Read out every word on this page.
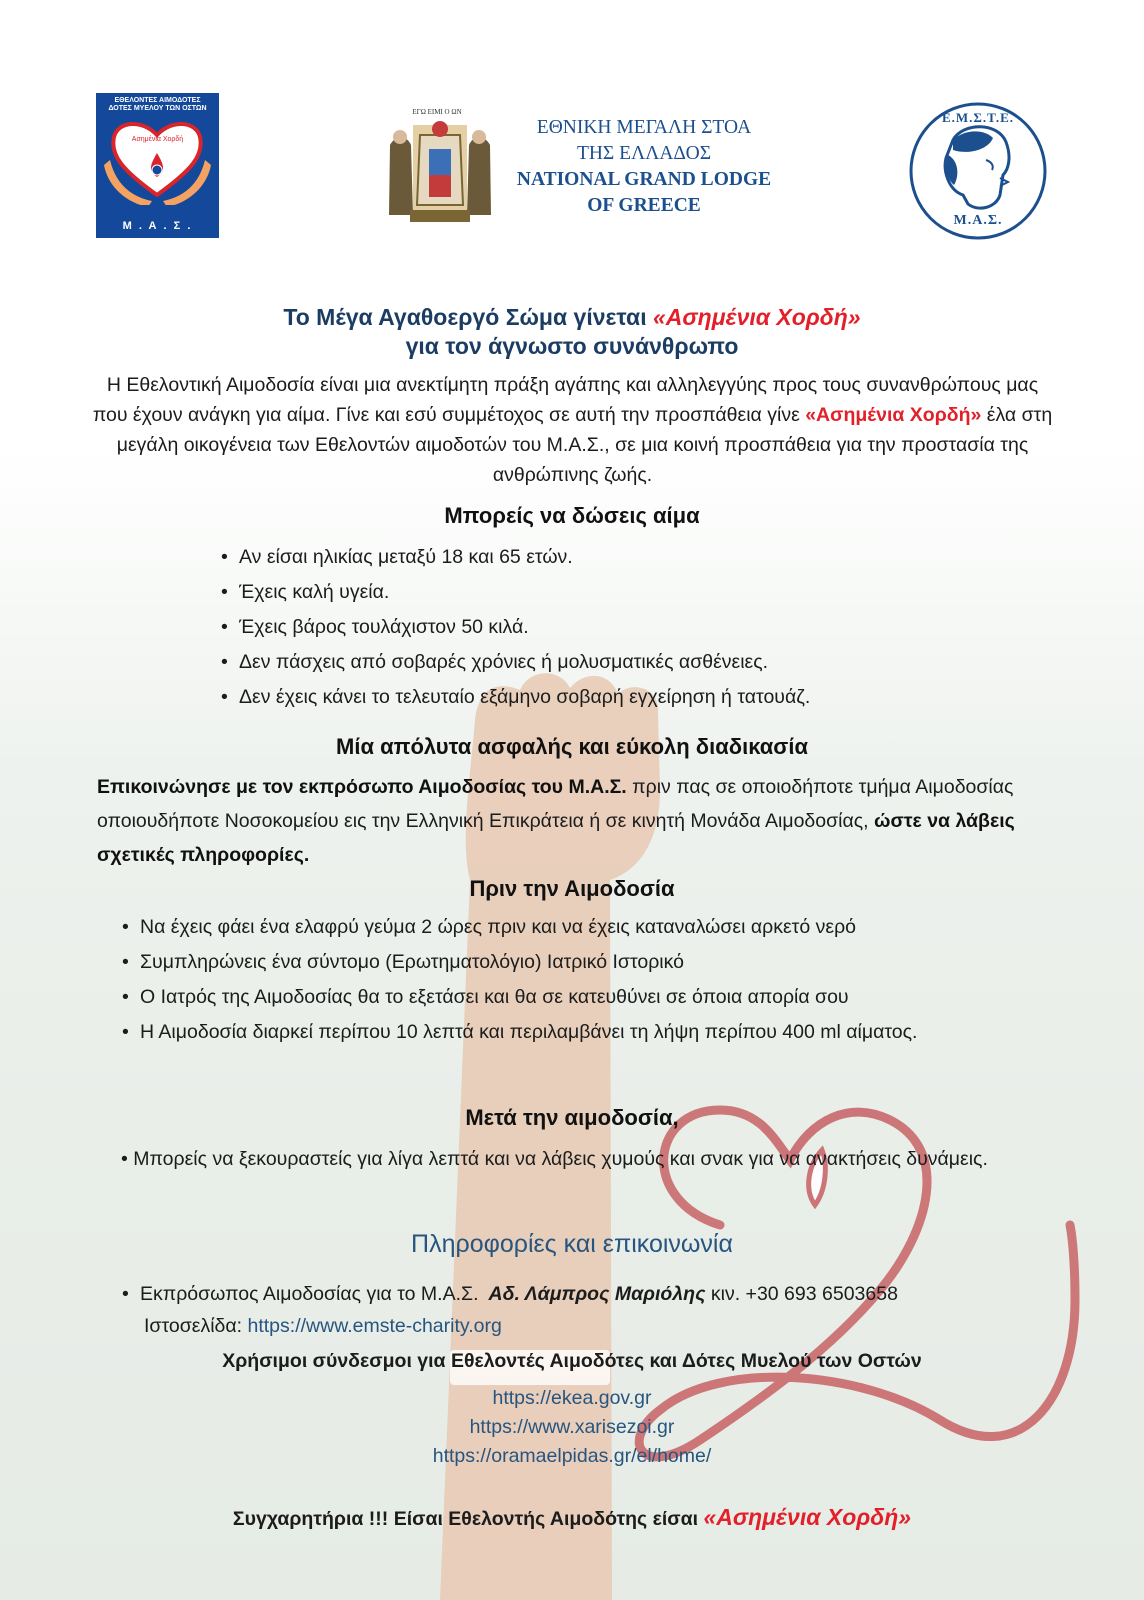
ΕΘΕΛΟΝΤΕΣ ΑΙΜΟΔΟΤΕΣ
ΔΟΤΕΣ ΜΥΕΛΟΥ ΤΩΝ ΟΣΤΩΝ
Ασημένια Χορδή
Μ . Α . Σ .
ΕΓΩ ΕΙΜΙ Ο ΩΝ
ΕΘΝΙΚΗ ΜΕΓΑΛΗ ΣΤΟΑ
ΤΗΣ ΕΛΛΑΔΟΣ
NATIONAL GRAND LODGE
OF GREECE
Ε.Μ.Σ.Τ.Ε.
Μ.Α.Σ.
Το Μέγα Αγαθοεργό Σώμα γίνεται «Ασημένια Χορδή»
για τον άγνωστο συνάνθρωπο
Η Εθελοντική Αιμοδοσία είναι μια ανεκτίμητη πράξη αγάπης και αλληλεγγύης προς τους συνανθρώπους μας που έχουν ανάγκη για αίμα. Γίνε και εσύ συμμέτοχος σε αυτή την προσπάθεια γίνε «Ασημένια Χορδή» έλα στη μεγάλη οικογένεια των Εθελοντών αιμοδοτών του Μ.Α.Σ., σε μια κοινή προσπάθεια για την προστασία της ανθρώπινης ζωής.
Μπορείς να δώσεις αίμα
• Αν είσαι ηλικίας μεταξύ 18 και 65 ετών.
• Έχεις καλή υγεία.
• Έχεις βάρος τουλάχιστον 50 κιλά.
• Δεν πάσχεις από σοβαρές χρόνιες ή μολυσματικές ασθένειες.
• Δεν έχεις κάνει το τελευταίο εξάμηνο σοβαρή εγχείρηση ή τατουάζ.
Μία απόλυτα ασφαλής και εύκολη διαδικασία
Επικοινώνησε με τον εκπρόσωπο Αιμοδοσίας του Μ.Α.Σ. πριν πας σε οποιοδήποτε τμήμα Αιμοδοσίας οποιουδήποτε Νοσοκομείου εις την Ελληνική Επικράτεια ή σε κινητή Μονάδα Αιμοδοσίας, ώστε να λάβεις σχετικές πληροφορίες.
Πριν την Αιμοδοσία
• Να έχεις φάει ένα ελαφρύ γεύμα 2 ώρες πριν και να έχεις καταναλώσει αρκετό νερό
• Συμπληρώνεις ένα σύντομο (Ερωτηματολόγιο) Ιατρικό Ιστορικό
• Ο Ιατρός της Αιμοδοσίας θα το εξετάσει και θα σε κατευθύνει σε όποια απορία σου
• Η Αιμοδοσία διαρκεί περίπου 10 λεπτά και περιλαμβάνει τη λήψη περίπου 400 ml αίματος.
Μετά την αιμοδοσία,
• Μπορείς να ξεκουραστείς για λίγα λεπτά και να λάβεις χυμούς και σνακ για να ανακτήσεις δυνάμεις.
Πληροφορίες και επικοινωνία
• Εκπρόσωπος Αιμοδοσίας για το Μ.Α.Σ. Αδ. Λάμπρος Μαριόλης κιν. +30 693 6503658
Ιστοσελίδα: https://www.emste-charity.org
Χρήσιμοι σύνδεσμοι για Εθελοντές Αιμοδότες και Δότες Μυελού των Οστών
https://ekea.gov.gr
https://www.xarisezoi.gr
https://oramaelpidas.gr/el/home/
Συγχαρητήρια !!! Είσαι Εθελοντής Αιμοδότης είσαι «Ασημένια Χορδή»
